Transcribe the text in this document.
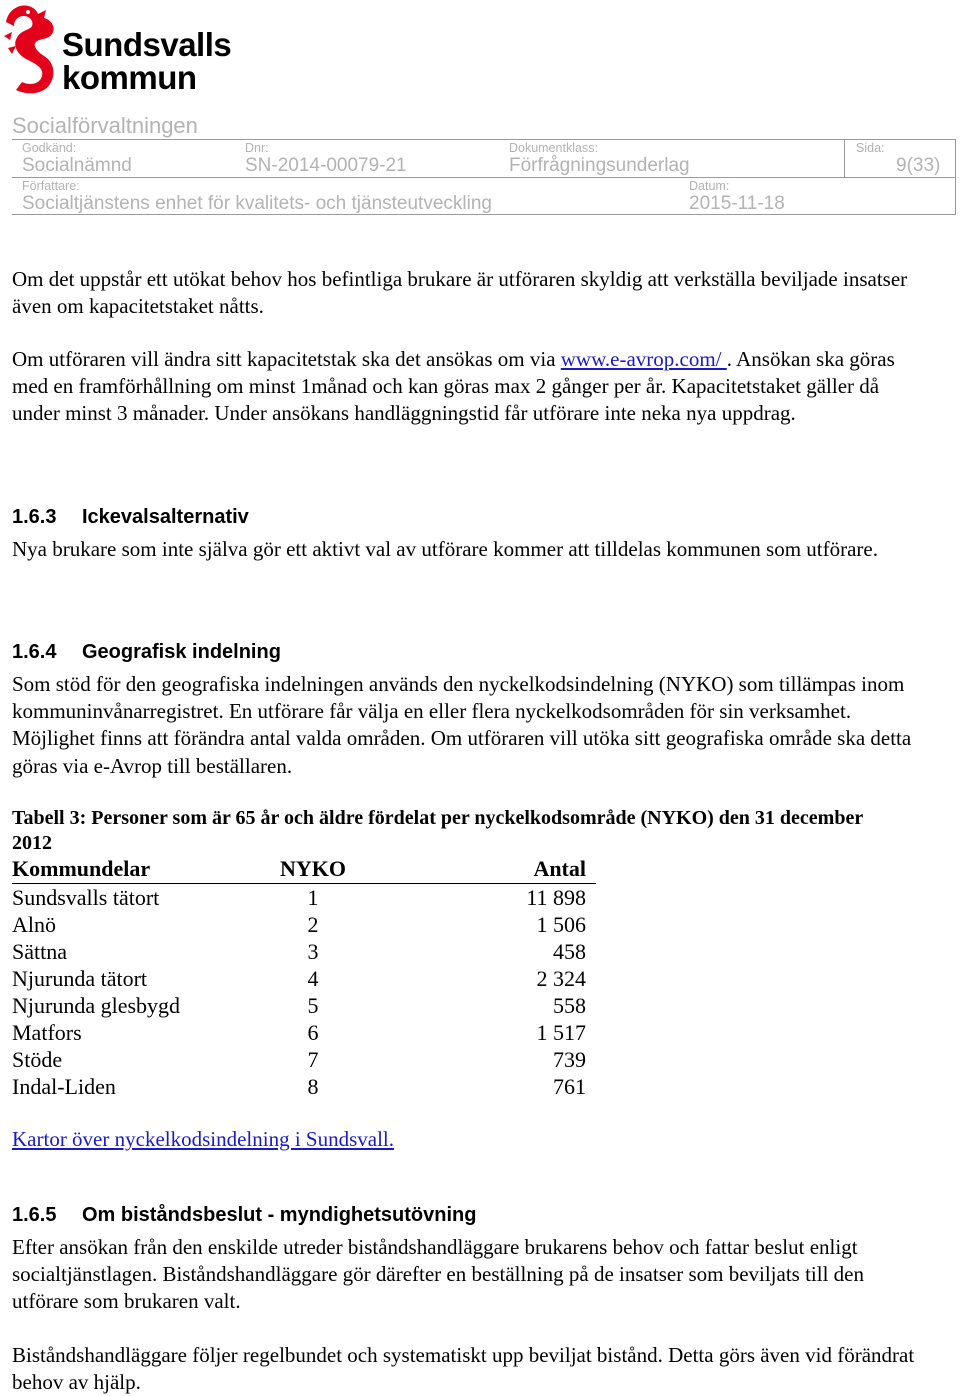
Sundsvalls
kommun
Socialförvaltningen
Godkänd:
Socialnämnd
Dnr:
SN-2014-00079-21
Dokumentklass:
Förfrågningsunderlag
Sida:
9(33)
Författare:
Socialtjänstens enhet för kvalitets- och tjänsteutveckling
Datum:
2015-11-18

Om det uppstår ett utökat behov hos befintliga brukare är utföraren skyldig att verkställa beviljade insatser även om kapacitetstaket nåtts.

Om utföraren vill ändra sitt kapacitetstak ska det ansökas om via www.e-avrop.com/ . Ansökan ska göras med en framförhållning om minst 1månad och kan göras max 2 gånger per år. Kapacitetstaket gäller då under minst 3 månader. Under ansökans handläggningstid får utförare inte neka nya uppdrag.

1.6.3 Ickevalsalternativ

Nya brukare som inte själva gör ett aktivt val av utförare kommer att tilldelas kommunen som utförare.

1.6.4 Geografisk indelning

Som stöd för den geografiska indelningen används den nyckelkodsindelning (NYKO) som tillämpas inom kommuninvånarregistret. En utförare får välja en eller flera nyckelkodsområden för sin verksamhet. Möjlighet finns att förändra antal valda områden. Om utföraren vill utöka sitt geografiska område ska detta göras via e-Avrop till beställaren.

Tabell 3: Personer som är 65 år och äldre fördelat per nyckelkodsområde (NYKO) den 31 december 2012
Kommundelar	NYKO	Antal
Sundsvalls tätort	1	11 898
Alnö	2	1 506
Sättna	3	458
Njurunda tätort	4	2 324
Njurunda glesbygd	5	558
Matfors	6	1 517
Stöde	7	739
Indal-Liden	8	761
Kartor över nyckelkodsindelning i Sundsvall.
1.6.5 Om biståndsbeslut - myndighetsutövning

Efter ansökan från den enskilde utreder biståndshandläggare brukarens behov och fattar beslut enligt socialtjänstlagen. Biståndshandläggare gör därefter en beställning på de insatser som beviljats till den utförare som brukaren valt.

Biståndshandläggare följer regelbundet och systematiskt upp beviljat bistånd. Detta görs även vid förändrat behov av hjälp.
